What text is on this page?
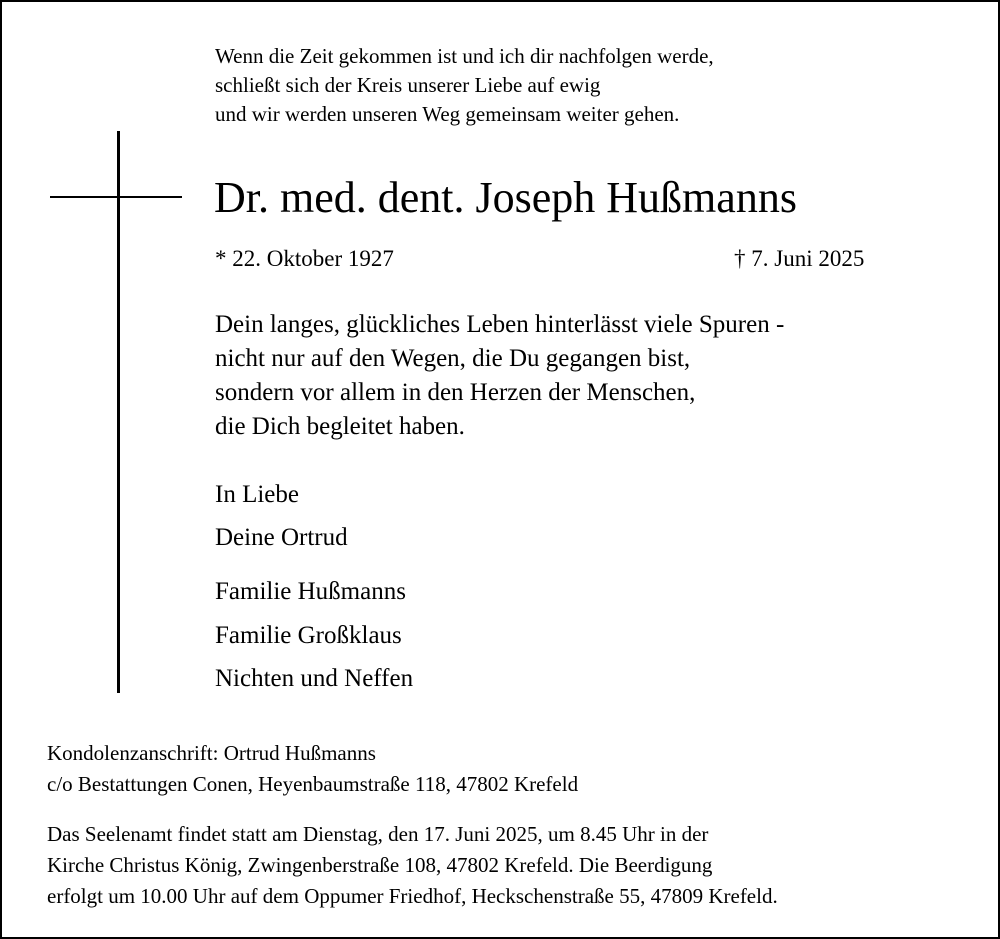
Wenn die Zeit gekommen ist und ich dir nachfolgen werde,
schließt sich der Kreis unserer Liebe auf ewig
und wir werden unseren Weg gemeinsam weiter gehen.
Dr. med. dent. Joseph Hußmanns
* 22. Oktober 1927	† 7. Juni 2025
Dein langes, glückliches Leben hinterlässt viele Spuren -
nicht nur auf den Wegen, die Du gegangen bist,
sondern vor allem in den Herzen der Menschen,
die Dich begleitet haben.
In Liebe
Deine Ortrud
Familie Hußmanns
Familie Großklaus
Nichten und Neffen
Kondolenzanschrift: Ortrud Hußmanns
c/o Bestattungen Conen, Heyenbaumstraße 118, 47802 Krefeld
Das Seelenamt findet statt am Dienstag, den 17. Juni 2025, um 8.45 Uhr in der
Kirche Christus König, Zwingenberstraße 108, 47802 Krefeld. Die Beerdigung
erfolgt um 10.00 Uhr auf dem Oppumer Friedhof, Heckschenstraße 55, 47809 Krefeld.
